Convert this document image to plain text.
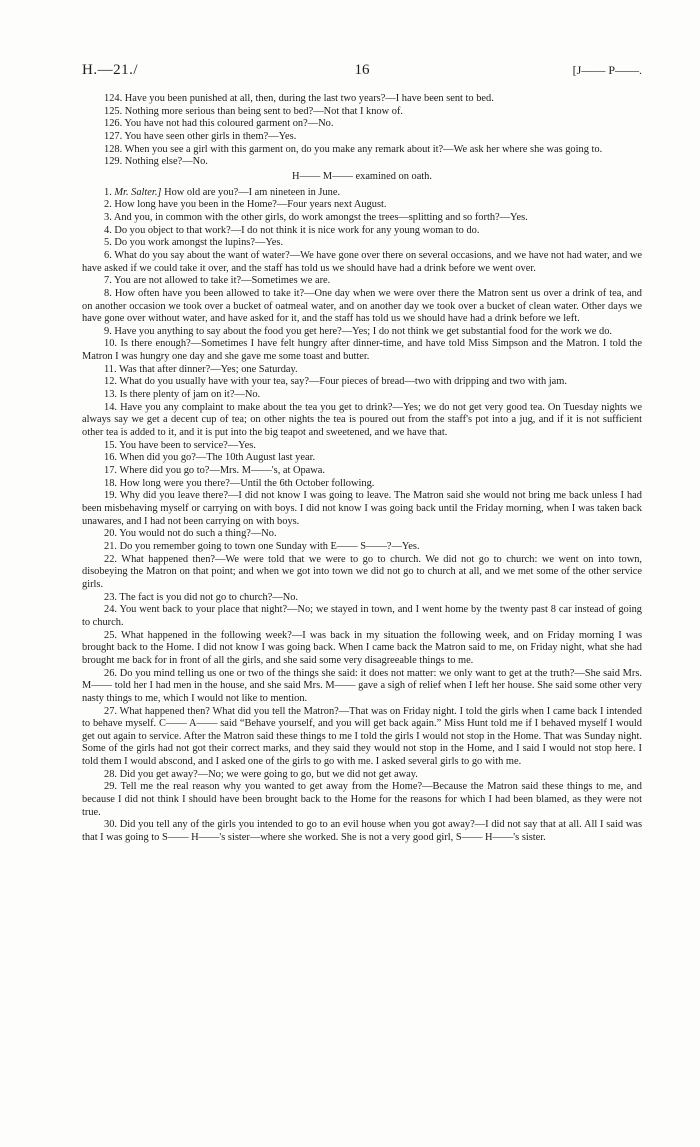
H.—21./	16	[J—— P——.

124. Have you been punished at all, then, during the last two years?—I have been sent to bed.

125. Nothing more serious than being sent to bed?—Not that I know of.

126. You have not had this coloured garment on?—No.

127. You have seen other girls in them?—Yes.

128. When you see a girl with this garment on, do you make any remark about it?—We ask her where she was going to.

129. Nothing else?—No.

H—— M—— examined on oath.

1. Mr. Salter.] How old are you?—I am nineteen in June.

2. How long have you been in the Home?—Four years next August.

3. And you, in common with the other girls, do work amongst the trees—splitting and so forth?—Yes.

4. Do you object to that work?—I do not think it is nice work for any young woman to do.

5. Do you work amongst the lupins?—Yes.

6. What do you say about the want of water?—We have gone over there on several occasions, and we have not had water, and we have asked if we could take it over, and the staff has told us we should have had a drink before we went over.

7. You are not allowed to take it?—Sometimes we are.

8. How often have you been allowed to take it?—One day when we were over there the Matron sent us over a drink of tea, and on another occasion we took over a bucket of oatmeal water, and on another day we took over a bucket of clean water. Other days we have gone over without water, and have asked for it, and the staff has told us we should have had a drink before we left.

9. Have you anything to say about the food you get here?—Yes; I do not think we get substantial food for the work we do.

10. Is there enough?—Sometimes I have felt hungry after dinner-time, and have told Miss Simpson and the Matron. I told the Matron I was hungry one day and she gave me some toast and butter.

11. Was that after dinner?—Yes; one Saturday.

12. What do you usually have with your tea, say?—Four pieces of bread—two with dripping and two with jam.

13. Is there plenty of jam on it?—No.

14. Have you any complaint to make about the tea you get to drink?—Yes; we do not get very good tea. On Tuesday nights we always say we get a decent cup of tea; on other nights the tea is poured out from the staff's pot into a jug, and if it is not sufficient other tea is added to it, and it is put into the big teapot and sweetened, and we have that.

15. You have been to service?—Yes.

16. When did you go?—The 10th August last year.

17. Where did you go to?—Mrs. M——'s, at Opawa.

18. How long were you there?—Until the 6th October following.

19. Why did you leave there?—I did not know I was going to leave. The Matron said she would not bring me back unless I had been misbehaving myself or carrying on with boys. I did not know I was going back until the Friday morning, when I was taken back unawares, and I had not been carrying on with boys.

20. You would not do such a thing?—No.

21. Do you remember going to town one Sunday with E—— S——?—Yes.

22. What happened then?—We were told that we were to go to church. We did not go to church: we went on into town, disobeying the Matron on that point; and when we got into town we did not go to church at all, and we met some of the other service girls.

23. The fact is you did not go to church?—No.

24. You went back to your place that night?—No; we stayed in town, and I went home by the twenty past 8 car instead of going to church.

25. What happened in the following week?—I was back in my situation the following week, and on Friday morning I was brought back to the Home. I did not know I was going back. When I came back the Matron said to me, on Friday night, what she had brought me back for in front of all the girls, and she said some very disagreeable things to me.

26. Do you mind telling us one or two of the things she said: it does not matter: we only want to get at the truth?—She said Mrs. M—— told her I had men in the house, and she said Mrs. M—— gave a sigh of relief when I left her house. She said some other very nasty things to me, which I would not like to mention.

27. What happened then? What did you tell the Matron?—That was on Friday night. I told the girls when I came back I intended to behave myself. C—— A—— said “Behave yourself, and you will get back again.” Miss Hunt told me if I behaved myself I would get out again to service. After the Matron said these things to me I told the girls I would not stop in the Home. That was Sunday night. Some of the girls had not got their correct marks, and they said they would not stop in the Home, and I said I would not stop here. I told them I would abscond, and I asked one of the girls to go with me. I asked several girls to go with me.

28. Did you get away?—No; we were going to go, but we did not get away.

29. Tell me the real reason why you wanted to get away from the Home?—Because the Matron said these things to me, and because I did not think I should have been brought back to the Home for the reasons for which I had been blamed, as they were not true.

30. Did you tell any of the girls you intended to go to an evil house when you got away?—I did not say that at all. All I said was that I was going to S—— H——'s sister—where she worked. She is not a very good girl, S—— H——'s sister.
